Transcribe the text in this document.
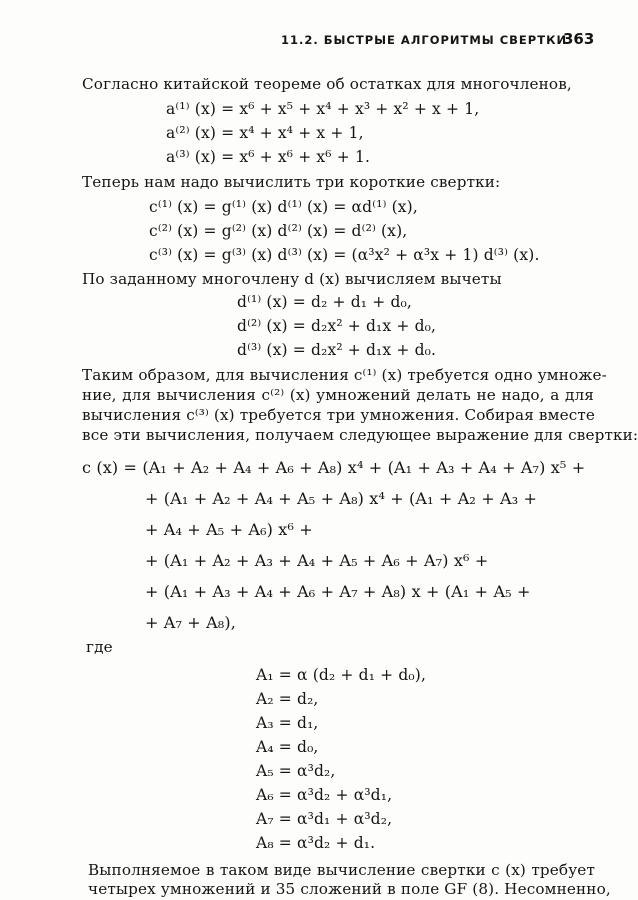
11.2. БЫСТРЫЕ АЛГОРИТМЫ СВЕРТКИ
363
Согласно китайской теореме об остатках для многочленов,
a⁽¹⁾ (x) = x⁶ + x⁵ + x⁴ + x³ + x² + x + 1,
a⁽²⁾ (x) = x⁴ + x⁴ + x + 1,
a⁽³⁾ (x) = x⁶ + x⁶ + x⁶ + 1.
Теперь нам надо вычислить три короткие свертки:
c⁽¹⁾ (x) = g⁽¹⁾ (x) d⁽¹⁾ (x) = αd⁽¹⁾ (x),
c⁽²⁾ (x) = g⁽²⁾ (x) d⁽²⁾ (x) = d⁽²⁾ (x),
c⁽³⁾ (x) = g⁽³⁾ (x) d⁽³⁾ (x) = (α³x² + α³x + 1) d⁽³⁾ (x).
По заданному многочлену d (x) вычисляем вычеты
d⁽¹⁾ (x) = d₂ + d₁ + d₀,
d⁽²⁾ (x) = d₂x² + d₁x + d₀,
d⁽³⁾ (x) = d₂x² + d₁x + d₀.
Таким образом, для вычисления c⁽¹⁾ (x) требуется одно умноже-
ние, для вычисления c⁽²⁾ (x) умножений делать не надо, а для
вычисления c⁽³⁾ (x) требуется три умножения. Собирая вместе
все эти вычисления, получаем следующее выражение для свертки:
c (x) = (A₁ + A₂ + A₄ + A₆ + A₈) x⁴ + (A₁ + A₃ + A₄ + A₇) x⁵ +
+ (A₁ + A₂ + A₄ + A₅ + A₈) x⁴ + (A₁ + A₂ + A₃ +
+ A₄ + A₅ + A₆) x⁶ +
+ (A₁ + A₂ + A₃ + A₄ + A₅ + A₆ + A₇) x⁶ +
+ (A₁ + A₃ + A₄ + A₆ + A₇ + A₈) x + (A₁ + A₅ +
+ A₇ + A₈),
где
A₁ = α (d₂ + d₁ + d₀),
A₂ = d₂,
A₃ = d₁,
A₄ = d₀,
A₅ = α³d₂,
A₆ = α³d₂ + α³d₁,
A₇ = α³d₁ + α³d₂,
A₈ = α³d₂ + d₁.
Выполняемое в таком виде вычисление свертки c (x) требует
четырех умножений и 35 сложений в поле GF (8). Несомненно,
